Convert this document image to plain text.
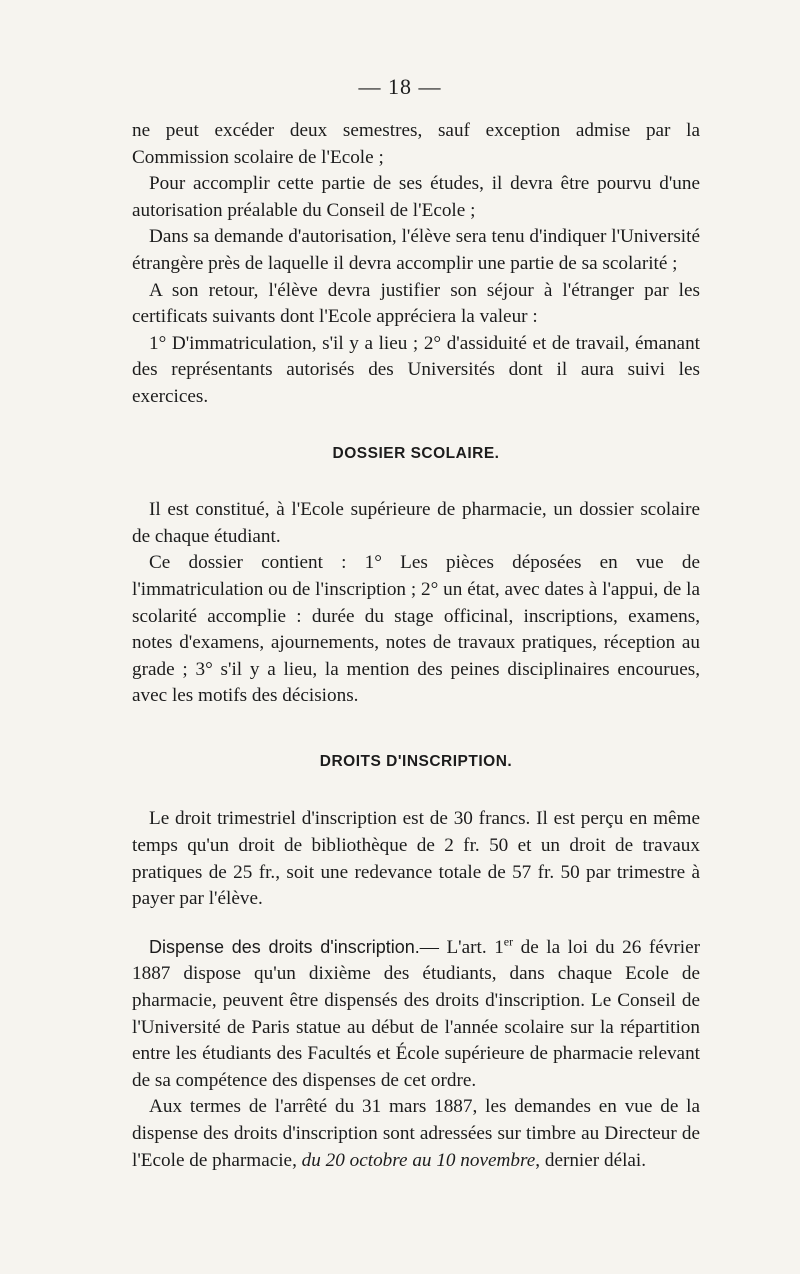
— 18 —

ne peut excéder deux semestres, sauf exception admise par la Commission scolaire de l'Ecole ;

Pour accomplir cette partie de ses études, il devra être pourvu d'une autorisation préalable du Conseil de l'Ecole ;

Dans sa demande d'autorisation, l'élève sera tenu d'indiquer l'Université étrangère près de laquelle il devra accomplir une partie de sa scolarité ;

A son retour, l'élève devra justifier son séjour à l'étranger par les certificats suivants dont l'Ecole appréciera la valeur :

1° D'immatriculation, s'il y a lieu ; 2° d'assiduité et de travail, émanant des représentants autorisés des Universités dont il aura suivi les exercices.

DOSSIER SCOLAIRE.

Il est constitué, à l'Ecole supérieure de pharmacie, un dossier scolaire de chaque étudiant.

Ce dossier contient : 1° Les pièces déposées en vue de l'immatriculation ou de l'inscription ; 2° un état, avec dates à l'appui, de la scolarité accomplie : durée du stage officinal, inscriptions, examens, notes d'examens, ajournements, notes de travaux pratiques, réception au grade ; 3° s'il y a lieu, la mention des peines disciplinaires encourues, avec les motifs des décisions.

DROITS D'INSCRIPTION.

Le droit trimestriel d'inscription est de 30 francs. Il est perçu en même temps qu'un droit de bibliothèque de 2 fr. 50 et un droit de travaux pratiques de 25 fr., soit une redevance totale de 57 fr. 50 par trimestre à payer par l'élève.

Dispense des droits d'inscription.— L'art. 1er de la loi du 26 février 1887 dispose qu'un dixième des étudiants, dans chaque Ecole de pharmacie, peuvent être dispensés des droits d'inscription. Le Conseil de l'Université de Paris statue au début de l'année scolaire sur la répartition entre les étudiants des Facultés et École supérieure de pharmacie relevant de sa compétence des dispenses de cet ordre.

Aux termes de l'arrêté du 31 mars 1887, les demandes en vue de la dispense des droits d'inscription sont adressées sur timbre au Directeur de l'Ecole de pharmacie, du 20 octobre au 10 novembre, dernier délai.
